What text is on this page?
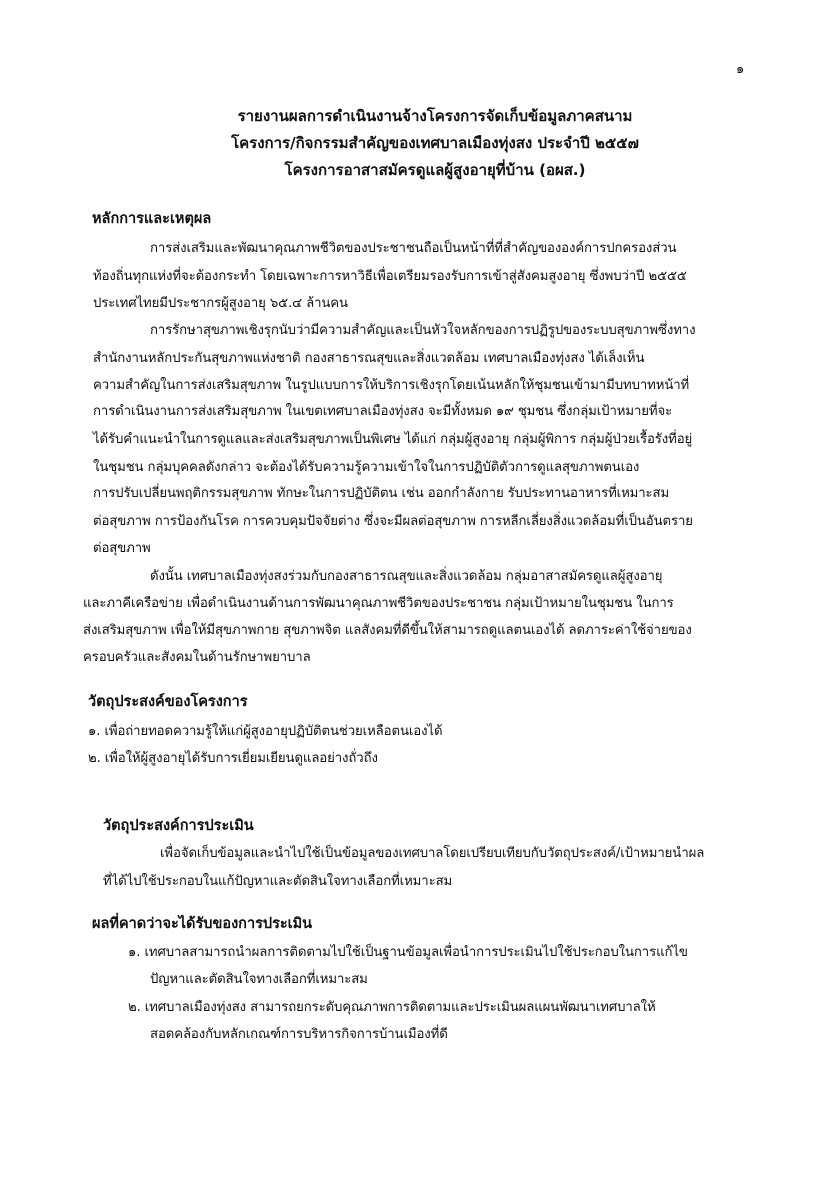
๑
รายงานผลการดำเนินงานจ้างโครงการจัดเก็บข้อมูลภาคสนาม
โครงการ/กิจกรรมสำคัญของเทศบาลเมืองทุ่งสง ประจำปี ๒๕๕๗
โครงการอาสาสมัครดูแลผู้สูงอายุที่บ้าน (อผส.)
หลักการและเหตุผล
การส่งเสริมและพัฒนาคุณภาพชีวิตของประชาชนถือเป็นหน้าที่ที่สำคัญขององค์การปกครองส่วน
ท้องถิ่นทุกแห่งที่จะต้องกระทำ โดยเฉพาะการหาวิธีเพื่อเตรียมรองรับการเข้าสู่สังคมสูงอายุ ซึ่งพบว่าปี ๒๕๕๕
ประเทศไทยมีประชากรผู้สูงอายุ ๖๕.๔ ล้านคน
การรักษาสุขภาพเชิงรุกนับว่ามีความสำคัญและเป็นหัวใจหลักของการปฏิรูปของระบบสุขภาพซึ่งทาง
สำนักงานหลักประกันสุขภาพแห่งชาติ กองสาธารณสุขและสิ่งแวดล้อม เทศบาลเมืองทุ่งสง ได้เล็งเห็น
ความสำคัญในการส่งเสริมสุขภาพ ในรูปแบบการให้บริการเชิงรุกโดยเน้นหลักให้ชุมชนเข้ามามีบทบาทหน้าที่
การดำเนินงานการส่งเสริมสุขภาพ ในเขตเทศบาลเมืองทุ่งสง จะมีทั้งหมด ๑๙ ชุมชน ซึ่งกลุ่มเป้าหมายที่จะ
ได้รับคำแนะนำในการดูแลและส่งเสริมสุขภาพเป็นพิเศษ ได้แก่ กลุ่มผู้สูงอายุ กลุ่มผู้พิการ กลุ่มผู้ป่วยเรื้อรังที่อยู่
ในชุมชน กลุ่มบุคคลดังกล่าว จะต้องได้รับความรู้ความเข้าใจในการปฏิบัติตัวการดูแลสุขภาพตนเอง
การปรับเปลี่ยนพฤติกรรมสุขภาพ ทักษะในการปฏิบัติตน เช่น ออกกำลังกาย รับประทานอาหารที่เหมาะสม
ต่อสุขภาพ การป้องกันโรค การควบคุมปัจจัยต่าง ซึ่งจะมีผลต่อสุขภาพ การหลีกเลี่ยงสิ่งแวดล้อมที่เป็นอันตราย
ต่อสุขภาพ
ดังนั้น เทศบาลเมืองทุ่งสงร่วมกับกองสาธารณสุขและสิ่งแวดล้อม กลุ่มอาสาสมัครดูแลผู้สูงอายุ
และภาคีเครือข่าย เพื่อดำเนินงานด้านการพัฒนาคุณภาพชีวิตของประชาชน กลุ่มเป้าหมายในชุมชน ในการ
ส่งเสริมสุขภาพ เพื่อให้มีสุขภาพกาย สุขภาพจิต แลสังคมที่ดีขึ้นให้สามารถดูแลตนเองได้ ลดภาระค่าใช้จ่ายของ
ครอบครัวและสังคมในด้านรักษาพยาบาล
วัตถุประสงค์ของโครงการ
๑. เพื่อถ่ายทอดความรู้ให้แก่ผู้สูงอายุปฏิบัติตนช่วยเหลือตนเองได้
๒. เพื่อให้ผู้สูงอายุได้รับการเยี่ยมเยียนดูแลอย่างถั่วถึง
วัตถุประสงค์การประเมิน
เพื่อจัดเก็บข้อมูลและนำไปใช้เป็นข้อมูลของเทศบาลโดยเปรียบเทียบกับวัตถุประสงค์/เป้าหมายนำผล
ที่ได้ไปใช้ประกอบในแก้ปัญหาและตัดสินใจทางเลือกที่เหมาะสม
ผลที่คาดว่าจะได้รับของการประเมิน
๑. เทศบาลสามารถนำผลการติดตามไปใช้เป็นฐานข้อมูลเพื่อนำการประเมินไปใช้ประกอบในการแก้ไข
ปัญหาและตัดสินใจทางเลือกที่เหมาะสม
๒. เทศบาลเมืองทุ่งสง สามารถยกระดับคุณภาพการติดตามและประเมินผลแผนพัฒนาเทศบาลให้
สอดคล้องกับหลักเกณฑ์การบริหารกิจการบ้านเมืองที่ดี
